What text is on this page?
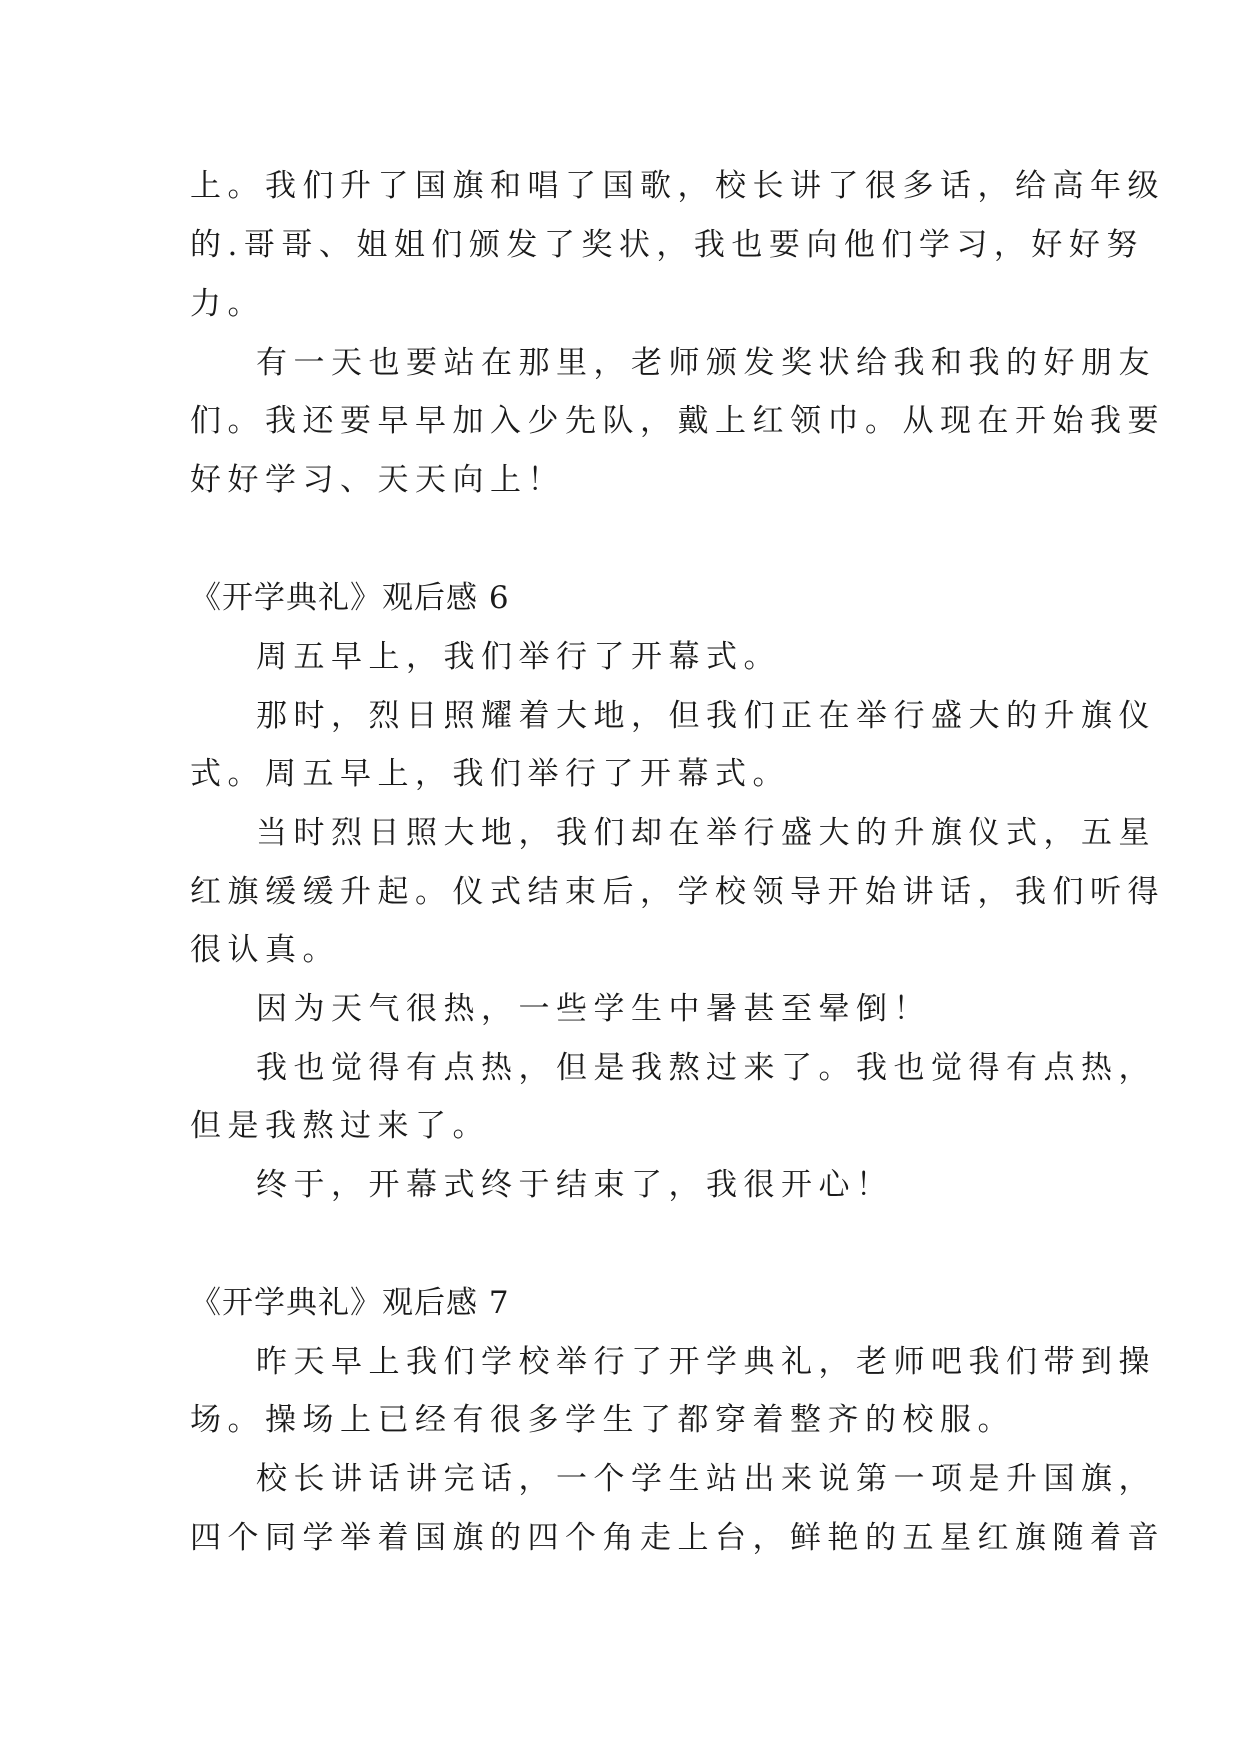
上。我们升了国旗和唱了国歌，校长讲了很多话，给高年级
的.哥哥、姐姐们颁发了奖状，我也要向他们学习，好好努
力。
有一天也要站在那里，老师颁发奖状给我和我的好朋友
们。我还要早早加入少先队，戴上红领巾。从现在开始我要
好好学习、天天向上！
《开学典礼》观后感 6
周五早上，我们举行了开幕式。
那时，烈日照耀着大地，但我们正在举行盛大的升旗仪
式。周五早上，我们举行了开幕式。
当时烈日照大地，我们却在举行盛大的升旗仪式，五星
红旗缓缓升起。仪式结束后，学校领导开始讲话，我们听得
很认真。
因为天气很热，一些学生中暑甚至晕倒！
我也觉得有点热，但是我熬过来了。我也觉得有点热，
但是我熬过来了。
终于，开幕式终于结束了，我很开心！
《开学典礼》观后感 7
昨天早上我们学校举行了开学典礼，老师吧我们带到操
场。操场上已经有很多学生了都穿着整齐的校服。
校长讲话讲完话，一个学生站出来说第一项是升国旗，
四个同学举着国旗的四个角走上台，鲜艳的五星红旗随着音
